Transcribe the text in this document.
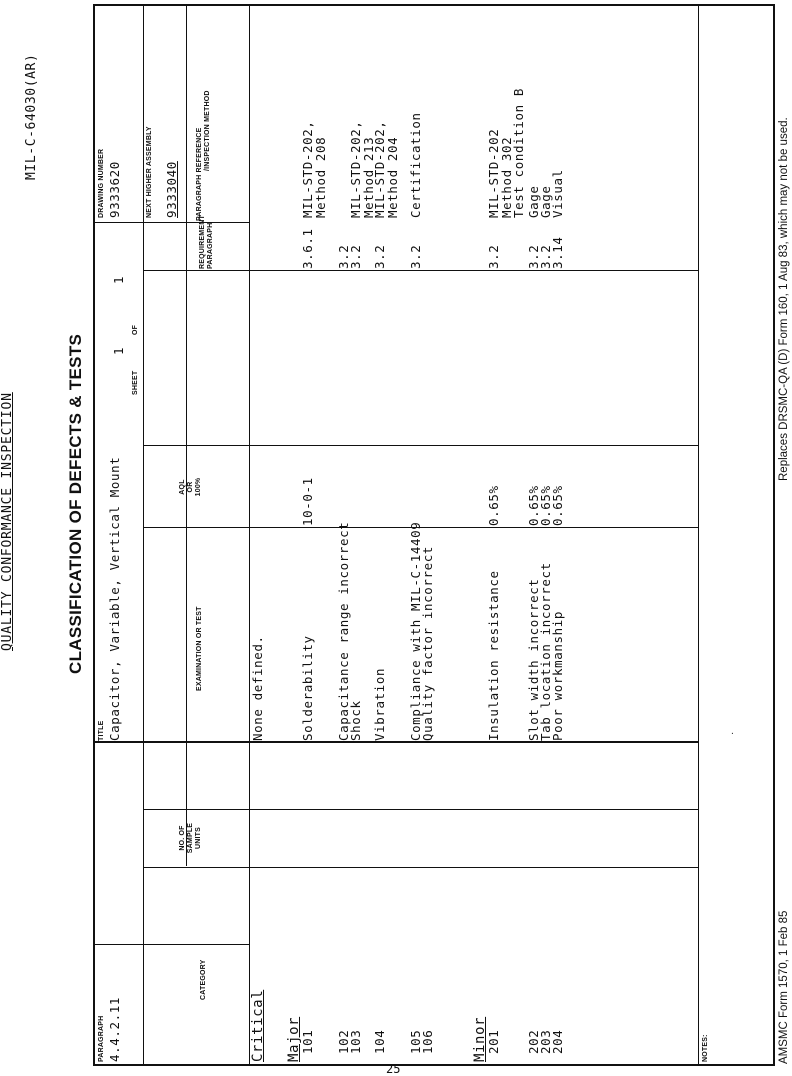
QUALITY CONFORMANCE INSPECTION
MIL-C-64030(AR)
CLASSIFICATION OF DEFECTS & TESTS
PARAGRAPH 4.4.2.11
TITLE Capacitor, Variable, Vertical Mount
SHEET
OF
1
1
DRAWING NUMBER 9333620	NEXT HIGHER ASSEMBLY 9333040
CATEGORY
EXAMINATION OR TEST
NO. OF SAMPLE UNITS
AQL OR 100%
REQUIREMENT PARAGRAPH
PARAGRAPH REFERENCE /INSPECTION METHOD
Critical
None defined.
Major
101
Solderability
10-0-1
3.6.1
MIL-STD-202,
Method 208
102
Capacitance range incorrect
3.2
103
Shock
3.2
MIL-STD-202,
Method 213
104
Vibration
3.2
MIL-STD-202,
Method 204
105
Compliance with MIL-C-14409
3.2
Certification
106
Quality factor incorrect
Minor
201
Insulation resistance
0.65%
3.2
MIL-STD-202
Method 302
Test condition B
202
Slot width incorrect
0.65%
3.2
Gage
203
Tab location incorrect
0.65%
3.2
Gage
204
Poor workmanship
0.65%
3.14
Visual
NOTES:
·
AMSMC Form 1570, 1 Feb 85
Replaces DRSMC-QA (D) Form 160, 1 Aug 83, which may not be used.
25
